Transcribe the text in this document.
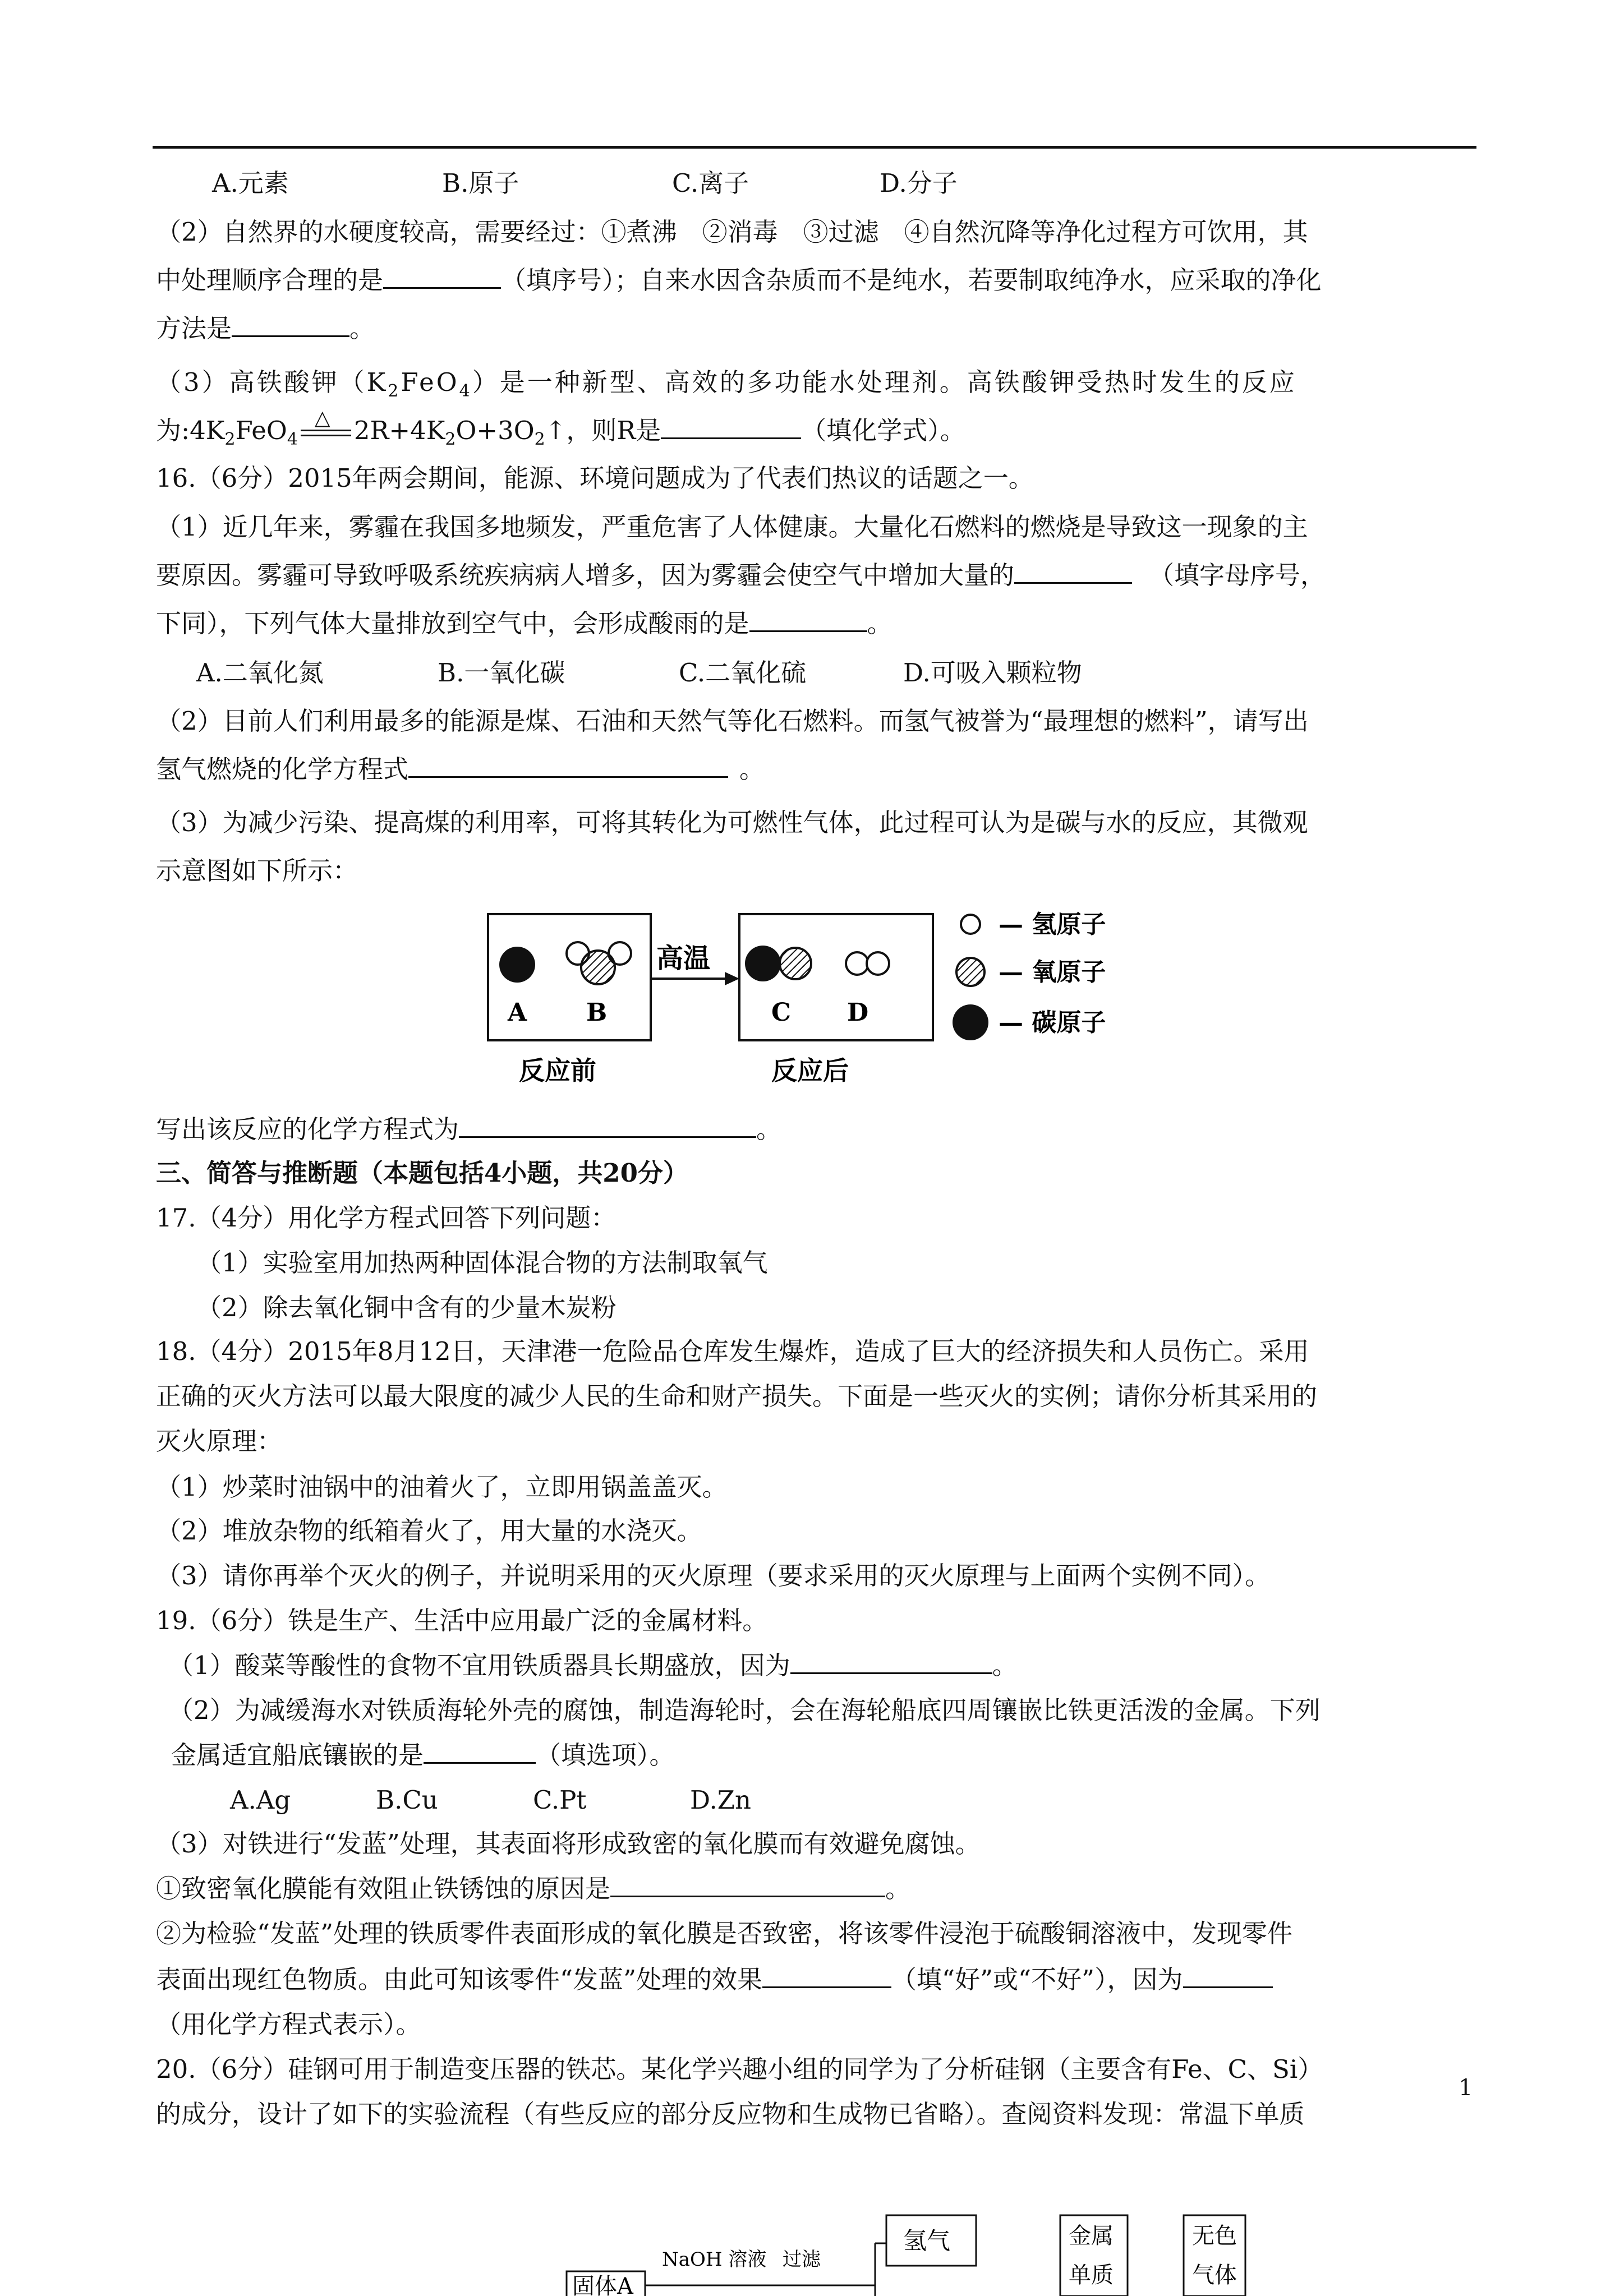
A.元素	B.原子	C.离子	D.分子
（2）自然界的水硬度较高，需要经过：①煮沸　②消毒　③过滤　④自然沉降等净化过程方可饮用，其
中处理顺序合理的是	（填序号）；自来水因含杂质而不是纯水，若要制取纯净水，应采取的净化
方法是	。
（3）高铁酸钾$(K_2FeO_4)$是一种新型、高效的多功能水处理剂。高铁酸钾受热时发生的反应
为$:4K_2FeO_4$
△ $2R+4K_2O+3O_2↑$，则R是	（填化学式）。
16.（6分）2015年两会期间，能源、环境问题成为了代表们热议的话题之一。
（1）近几年来，雾霾在我国多地频发，严重危害了人体健康。大量化石燃料的燃烧是导致这一现象的主
要原因。雾霾可导致呼吸系统疾病病人增多，因为雾霾会使空气中增加大量的	（填字母序号，
下同），下列气体大量排放到空气中，会形成酸雨的是	。
A.二氧化氮	B.一氧化碳	C.二氧化硫	D.可吸入颗粒物
（2）目前人们利用最多的能源是煤、石油和天然气等化石燃料。而氢气被誉为“最理想的燃料”，请写出
氢气燃烧的化学方程式	。
（3）为减少污染、提高煤的利用率，可将其转化为可燃性气体，此过程可认为是碳与水的反应，其微观
示意图如下所示：
高温
A B	C D
反应前	反应后
— 氢原子
— 氧原子
— 碳原子
写出该反应的化学方程式为	。
三、简答与推断题（本题包括4小题，共20分）
17.（4分）用化学方程式回答下列问题：
（1）实验室用加热两种固体混合物的方法制取氧气
（2）除去氧化铜中含有的少量木炭粉
18.（4分）2015年8月12日，天津港一危险品仓库发生爆炸，造成了巨大的经济损失和人员伤亡。采用
正确的灭火方法可以最大限度的减少人民的生命和财产损失。下面是一些灭火的实例；请你分析其采用的
灭火原理：
（1）炒菜时油锅中的油着火了，立即用锅盖盖灭。
（2）堆放杂物的纸箱着火了，用大量的水浇灭。
（3）请你再举个灭火的例子，并说明采用的灭火原理（要求采用的灭火原理与上面两个实例不同）。
19.（6分）铁是生产、生活中应用最广泛的金属材料。
（1）酸菜等酸性的食物不宜用铁质器具长期盛放，因为	。
（2）为减缓海水对铁质海轮外壳的腐蚀，制造海轮时，会在海轮船底四周镶嵌比铁更活泼的金属。下列
金属适宜船底镶嵌的是	（填选项）。
A.Ag	B.Cu	C.Pt	D.Zn
（3）对铁进行“发蓝”处理，其表面将形成致密的氧化膜而有效避免腐蚀。
①致密氧化膜能有效阻止铁锈蚀的原因是	。
②为检验“发蓝”处理的铁质零件表面形成的氧化膜是否致密，将该零件浸泡于硫酸铜溶液中，发现零件
表面出现红色物质。由此可知该零件“发蓝”处理的效果	（填“好”或“不好”），因为
（用化学方程式表示）。
20.（6分）硅钢可用于制造变压器的铁芯。某化学兴趣小组的同学为了分析硅钢（主要含有Fe、C、Si）
的成分，设计了如下的实验流程（有些反应的部分反应物和生成物已省略）。查阅资料发现：常温下单质
1
固体A
NaOH 溶液 过滤
氢气	金属
单质
无色
气体
